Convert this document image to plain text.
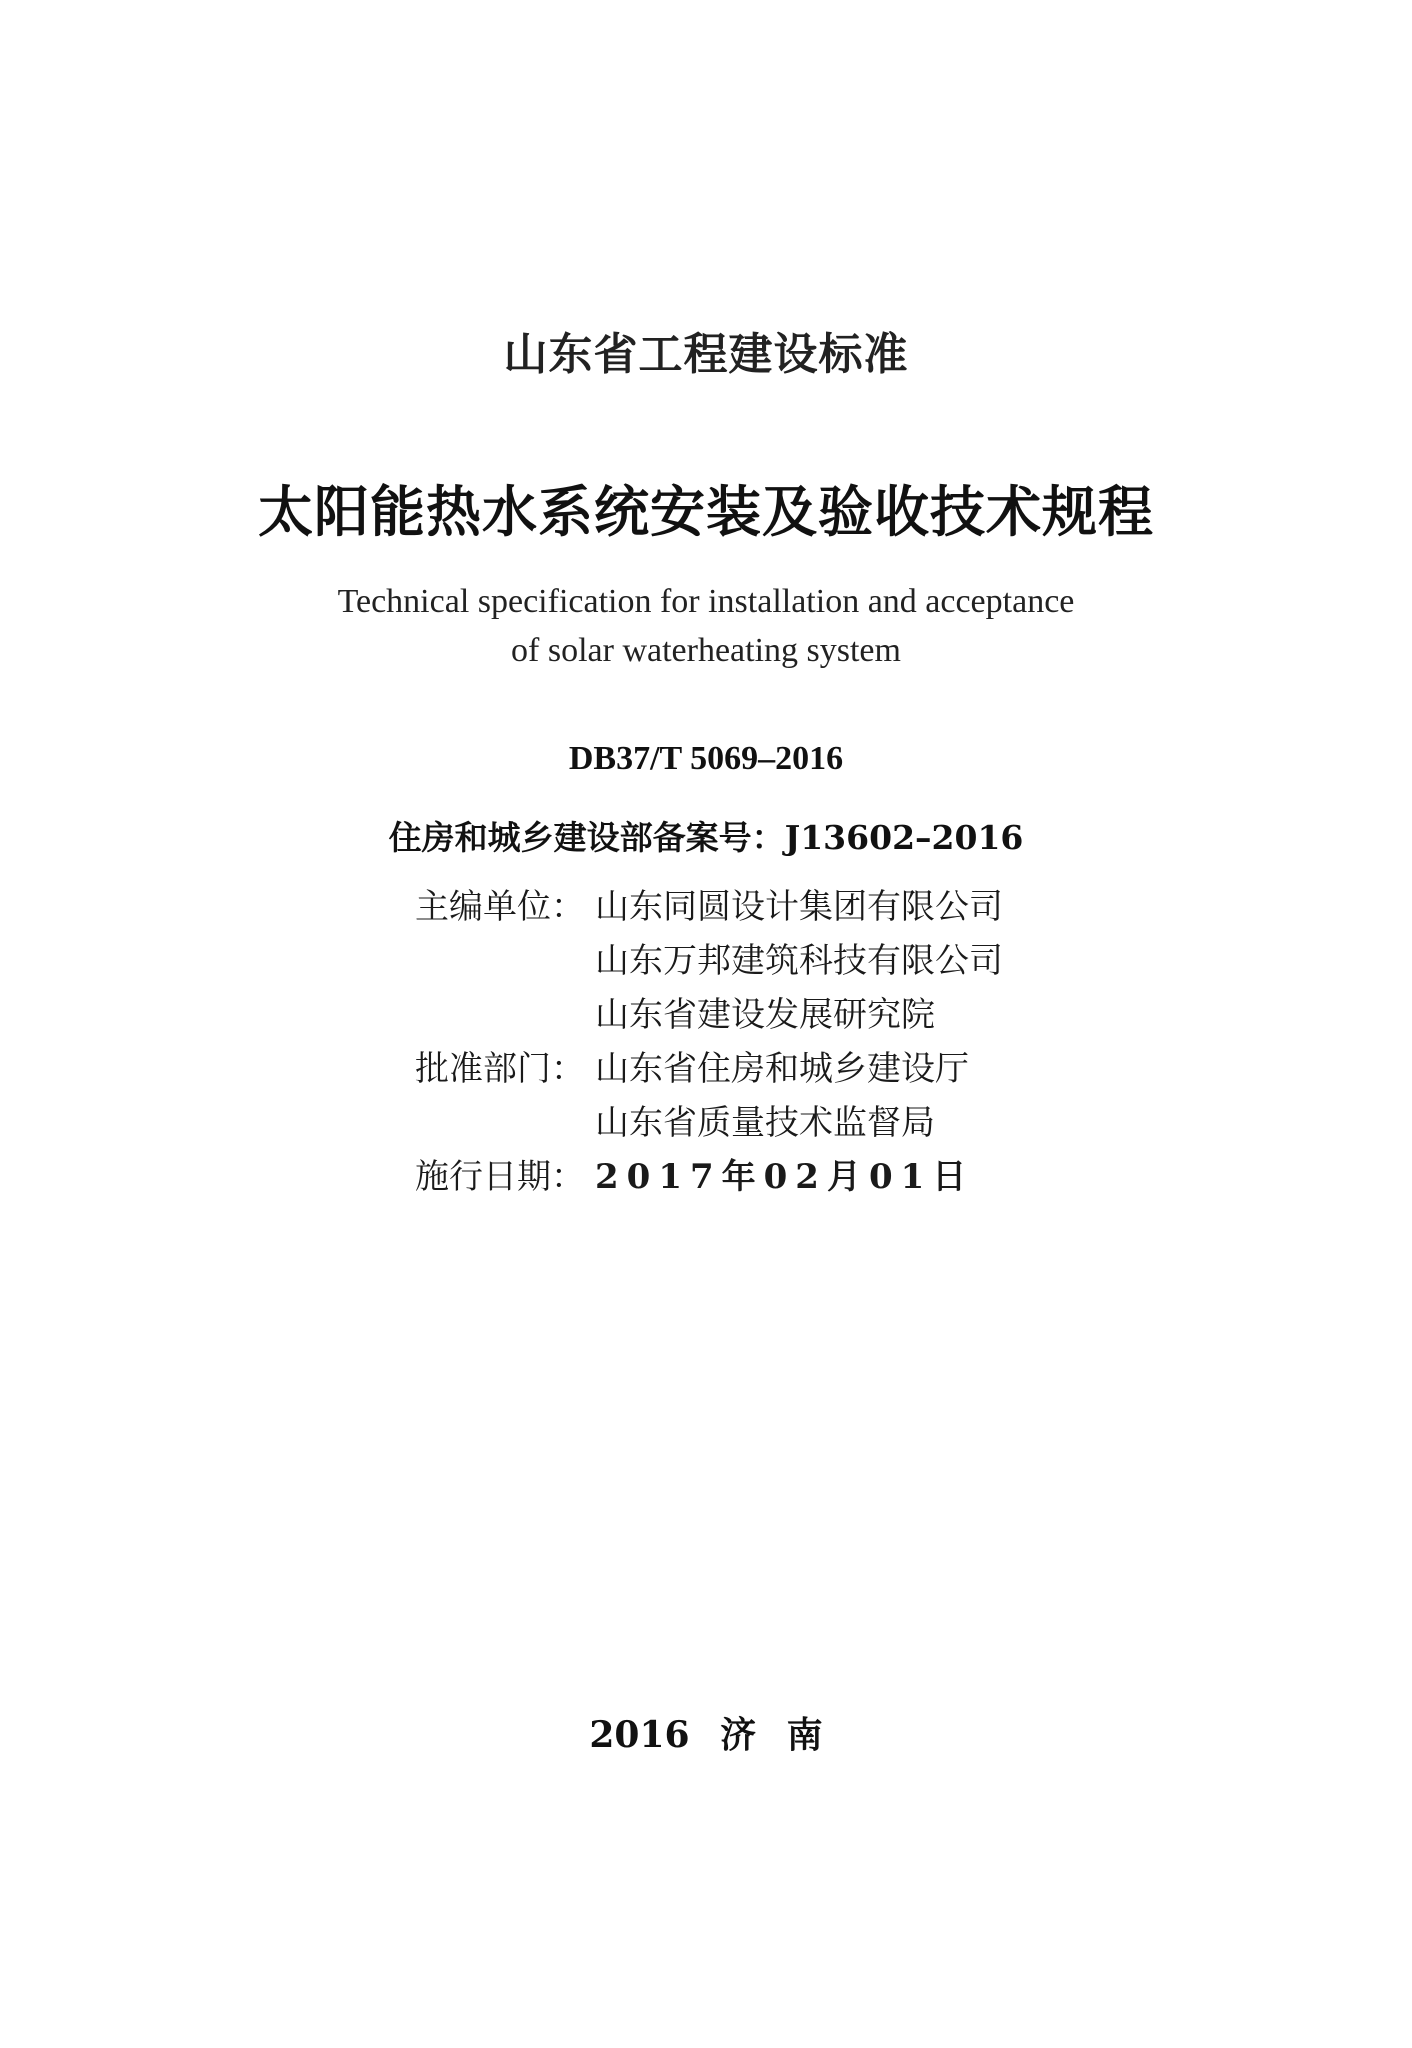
山东省工程建设标准
太阳能热水系统安装及验收技术规程
Technical specification for installation and acceptance
of solar waterheating system
DB37/T 5069–2016
住房和城乡建设部备案号：J13602–2016
主编单位： 山东同圆设计集团有限公司
山东万邦建筑科技有限公司
山东省建设发展研究院
批准部门： 山东省住房和城乡建设厅
山东省质量技术监督局
施行日期： 2017年02月01日
2016 济 南
